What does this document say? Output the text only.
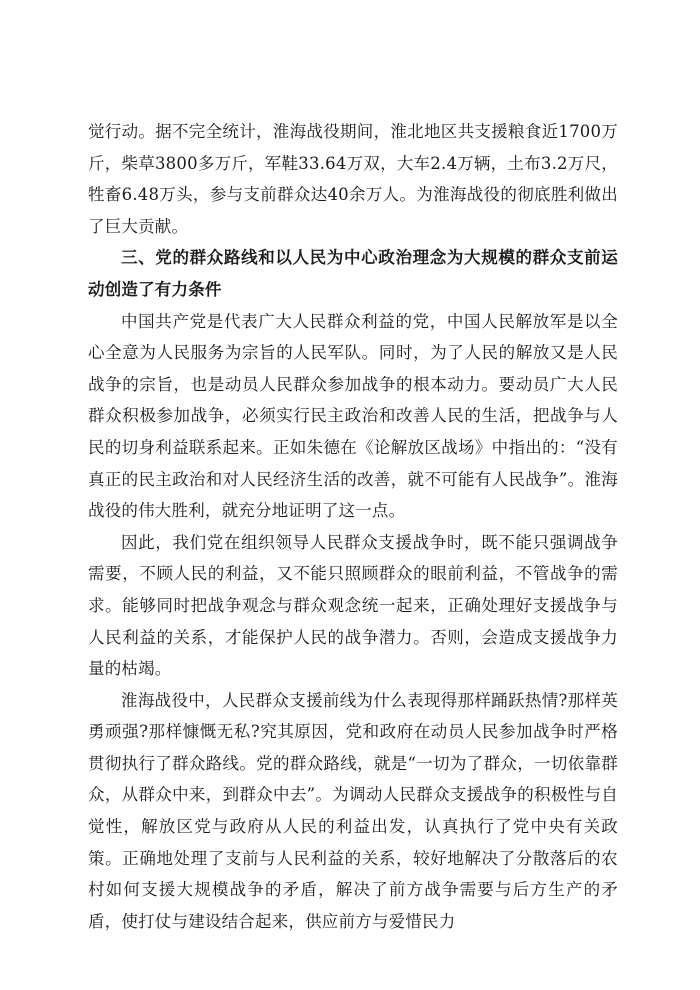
觉行动。据不完全统计，淮海战役期间，淮北地区共支援粮食近1700万斤，柴草3800多万斤，军鞋33.64万双，大车2.4万辆，土布3.2万尺，牲畜6.48万头，参与支前群众达40余万人。为淮海战役的彻底胜利做出了巨大贡献。

三、党的群众路线和以人民为中心政治理念为大规模的群众支前运动创造了有力条件

中国共产党是代表广大人民群众利益的党，中国人民解放军是以全心全意为人民服务为宗旨的人民军队。同时，为了人民的解放又是人民战争的宗旨，也是动员人民群众参加战争的根本动力。要动员广大人民群众积极参加战争，必须实行民主政治和改善人民的生活，把战争与人民的切身利益联系起来。正如朱德在《论解放区战场》中指出的：“没有真正的民主政治和对人民经济生活的改善，就不可能有人民战争”。淮海战役的伟大胜利，就充分地证明了这一点。

因此，我们党在组织领导人民群众支援战争时，既不能只强调战争需要，不顾人民的利益，又不能只照顾群众的眼前利益，不管战争的需求。能够同时把战争观念与群众观念统一起来，正确处理好支援战争与人民利益的关系，才能保护人民的战争潜力。否则，会造成支援战争力量的枯竭。

淮海战役中，人民群众支援前线为什么表现得那样踊跃热情?那样英勇顽强?那样慷慨无私?究其原因，党和政府在动员人民参加战争时严格贯彻执行了群众路线。党的群众路线，就是“一切为了群众，一切依靠群众，从群众中来，到群众中去”。为调动人民群众支援战争的积极性与自觉性，解放区党与政府从人民的利益出发，认真执行了党中央有关政策。正确地处理了支前与人民利益的关系，较好地解决了分散落后的农村如何支援大规模战争的矛盾，解决了前方战争需要与后方生产的矛盾，使打仗与建设结合起来，供应前方与爱惜民力
